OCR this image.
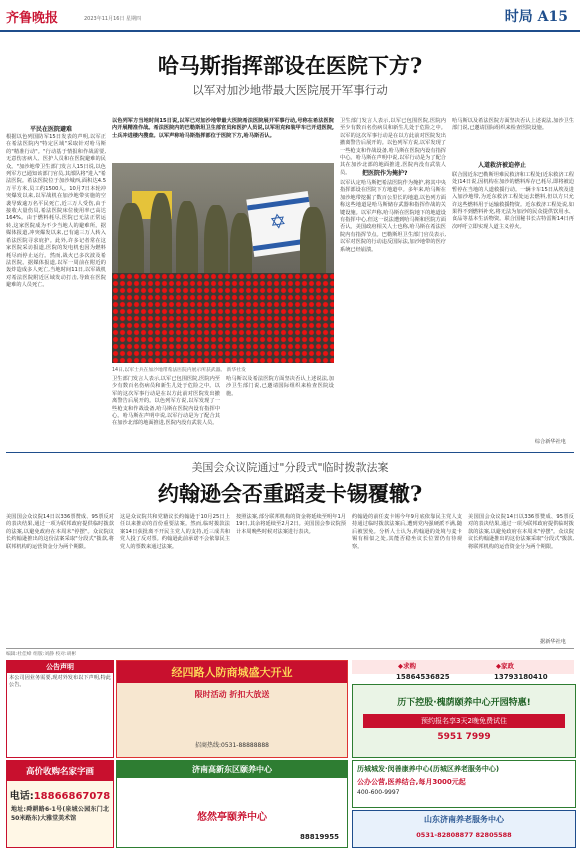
齐鲁晚报	2023年11月16日 星期四	时局 A15
哈马斯指挥部设在医院下方?
以军对加沙地带最大医院展开军事行动
平民在医院避难
根据以色列国防军15日发表的声明,以军正在希法医院内"特定区域"采取针对哈马斯的"精准行动"。"行动基于情报和作战需要,无意伤害病人、医护人员和在医院避难的民众。"加沙地带卫生部门发言人15日说,以色列军方已通知该部门官员,其部队将"进入"希法医院。希法医院位于加沙城西,面积达4.5万平方米,员工约1500人。10月7日本轮冲突爆发以来,以军战机在加沙地带实施的空袭导致逾万名平民死亡,近三万人受伤,由于接收大量伤员,希法医院床位使用率已高达164%。由于燃料耗尽,医院已无法正常运转,这家医院成为不少当地人的避难所。据媒体报道,冲突爆发以来,已有逾三万人转入希法医院寻求庇护。此外,许多记者常在这家医院采访报道,医院的发电机也因为燃料耗尽而停止运行。然而,战火已多次波及希法医院。据媒体报道,以军一周前在附近的轰炸造成多人死亡,当地时间11日,以军战机对希法医院附近区域发动打击,导致在医院避难的人员死亡。
以色列军方当地时间15日说,以军已对加沙地带最大医院希法医院展开军事行动,号称在希法医院内开展精准作战。希法医院内的巴勒斯坦卫生部官员和医护人员说,以军坦克和装甲车已开进医院,士兵冲进楼内搜查。以军声称哈马斯指挥部位于医院下方,哈马斯否认。
✡
14日,以军士兵在加沙地带希法医院内展示所获武器。 新华社发
卫生部门发言人表示,以军已包围医院,医院内至少有数百名伤病员和新生儿处于危险之中。以军的这次军事行动是在以方此前对医院发出撤离警告后展开的。以色列军方说,以军发现了一些枪支和作战设备,哈马斯在医院内设有指挥中心。哈马斯在声明中说,以军行动是为了配合其在加沙北部的地面推进,医院内没有武装人员。
哈马斯以及希法医院方面坚决否认上述说法,加沙卫生部门说,已邀请国际组织来检查医院设施。
卫生部门发言人表示,以军已包围医院,医院内至少有数百名伤病员和新生儿处于危险之中。以军的这次军事行动是在以方此前对医院发出撤离警告后展开的。以色列军方说,以军发现了一些枪支和作战设备,哈马斯在医院内设有指挥中心。哈马斯在声明中说,以军行动是为了配合其在加沙北部的地面推进,医院内没有武装人员。	把医院作为掩护?
以军认定哈马斯把希法医院作为掩护,将其中央指挥部设在医院下方地道中。多年来,哈马斯在加沙地带挖掘了数百公里长的地道,以色列方面称这些地道是哈马斯储存武器和指挥作战的关键设施。以军声称,哈马斯在医院地下的地道设有指挥中心,但这一说法遭到哈马斯和医院方面否认。美国政府相关人士也称,哈马斯在希法医院内有指挥节点。巴勒斯坦卫生部门官员表示,以军对医院的行动违反国际法,加沙地带的医疗系统已经崩溃。
哈马斯以及希法医院方面坚决否认上述说法,加沙卫生部门说,已邀请国际组织来检查医院设施。
人道救济被迫停止
联合国近东巴勒斯坦难民救济和工程处(近东救济工程处)14日说,因机构在加沙的燃料库存已耗尽,即将被迫暂停在当地的人道救援行动。一辆卡车15日从埃及进入加沙地带,为近东救济工程处运去燃料,但以方只允许这些燃料用于运输救援物资。近东救济工程处说,如果得不到燃料补充,将无法为加沙的民众提供饮用水、食品等基本生活物资。联合国秘书长古特雷斯14日再次呼吁立即实现人道主义停火。
综合新华社电
美国会众议院通过"分段式"临时拨款法案
约翰逊会否重蹈麦卡锡覆辙?
美国国会众议院14日以336票赞成、95票反对的表决结果,通过一项为联邦政府提供临时拨款的法案,以避免政府在本周末"停摆"。众议院议长约翰逊推出的这份法案采取"分段式"拨款,将联邦机构的运营资金分为两个期限。
这是众议院共和党籍议长约翰逊于10月25日上任以来推动的首份重要法案。然而,临时拨款法案14日获批离不开民主党人的支持,近三成共和党人投了反对票。约翰逊此前承诺不会依靠民主党人的票数来通过法案。
按照法案,部分联邦机构的资金将延续至明年1月19日,其余将延续至2月2日。美国国会参议院预计本周晚些时候对法案进行表决。
约翰逊的前任麦卡锡今年9月底依靠民主党人支持通过临时拨款法案后,遭到党内强硬派不满,随后被罢免。分析人士认为,约翰逊的处境与麦卡锡有相似之处,其能否稳坐议长位置仍有待观察。
美国国会众议院14日以336票赞成、95票反对的表决结果,通过一项为联邦政府提供临时拨款的法案,以避免政府在本周末"停摆"。众议院议长约翰逊推出的这份法案采取"分段式"拨款,将联邦机构的运营资金分为两个期限。
据新华社电
编辑:杜佳峰 组版:刘静 校对:胡彬
公告声明
本公司因业务需要,现对外发布以下声明,特此公告。
经四路人防商城盛大开业
限时活动 折扣大放送
招商热线:0531-88888888
◆求购	◆家政
15864536825	13793180410
历下控股·槐荫颐养中心开园特惠!
预约报名享3天2晚免费试住
5951 7999
高价收购名家字画
电话:18866867078
地址:舜耕路6-1号(泉城公园东门北50米路东)大雅堂美术馆
济南高新东区颐养中心
悠然亭颐养中心
88819955
历城城发·闵善康养中心(历城区养老服务中心)
公办公营,医养结合,每月3000元起
400-600-9997
山东济南养老服务中心
0531-82808877 82805588
